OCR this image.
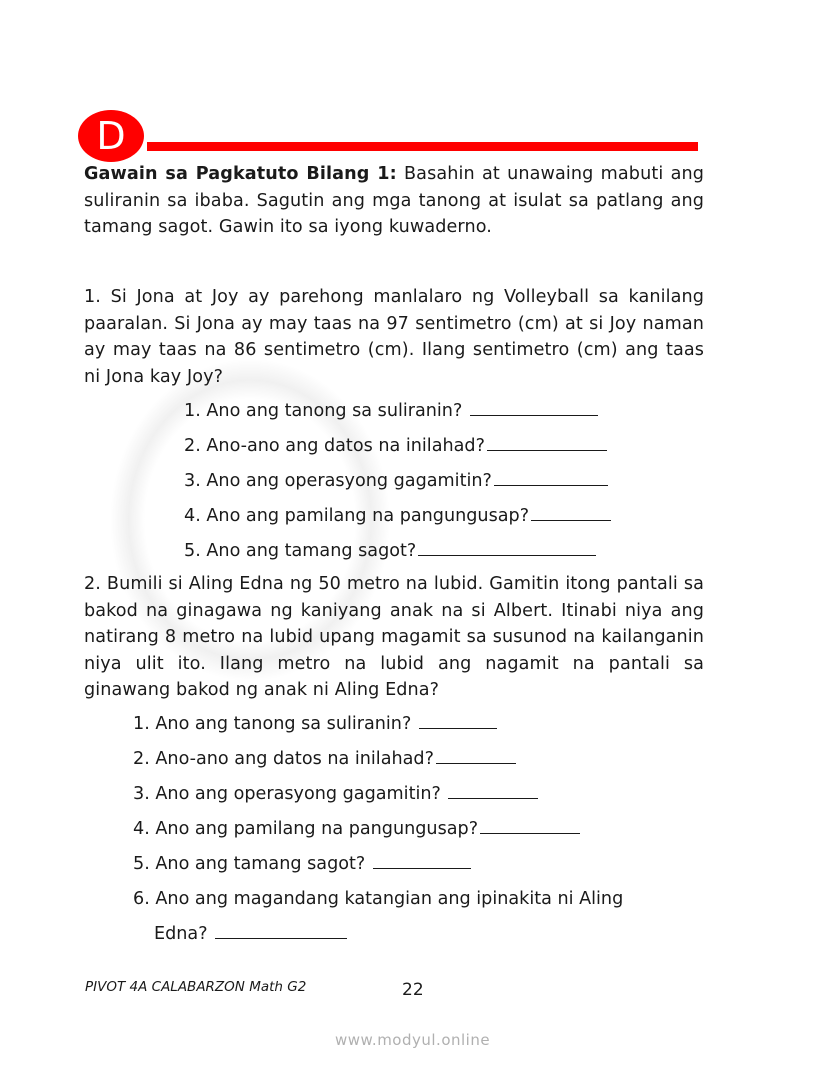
D
Gawain sa Pagkatuto Bilang 1: Basahin at unawaing mabuti ang suliranin sa ibaba. Sagutin ang mga tanong at isulat sa patlang ang tamang sagot. Gawin ito sa iyong kuwaderno.
1. Si Jona at Joy ay parehong manlalaro ng Volleyball sa kanilang paaralan. Si Jona ay may taas na 97 sentimetro (cm) at si Joy naman ay may taas na 86 sentimetro (cm). Ilang sentimetro (cm) ang taas ni Jona kay Joy?
1. Ano ang tanong sa suliranin?
2. Ano-ano ang datos na inilahad?
3. Ano ang operasyong gagamitin?
4. Ano ang pamilang na pangungusap?
5. Ano ang tamang sagot?
2. Bumili si Aling Edna ng 50 metro na lubid. Gamitin itong pantali sa bakod na ginagawa ng kaniyang anak na si Albert. Itinabi niya ang natirang 8 metro na lubid upang magamit sa susunod na kailanganin niya ulit ito. Ilang metro na lubid ang nagamit na pantali sa ginawang bakod ng anak ni Aling Edna?
1. Ano ang tanong sa suliranin?
2. Ano-ano ang datos na inilahad?
3. Ano ang operasyong gagamitin?
4. Ano ang pamilang na pangungusap?
5. Ano ang tamang sagot?
6. Ano ang magandang katangian ang ipinakita ni Aling
Edna?
PIVOT 4A CALABARZON Math G2	22
www.modyul.online
